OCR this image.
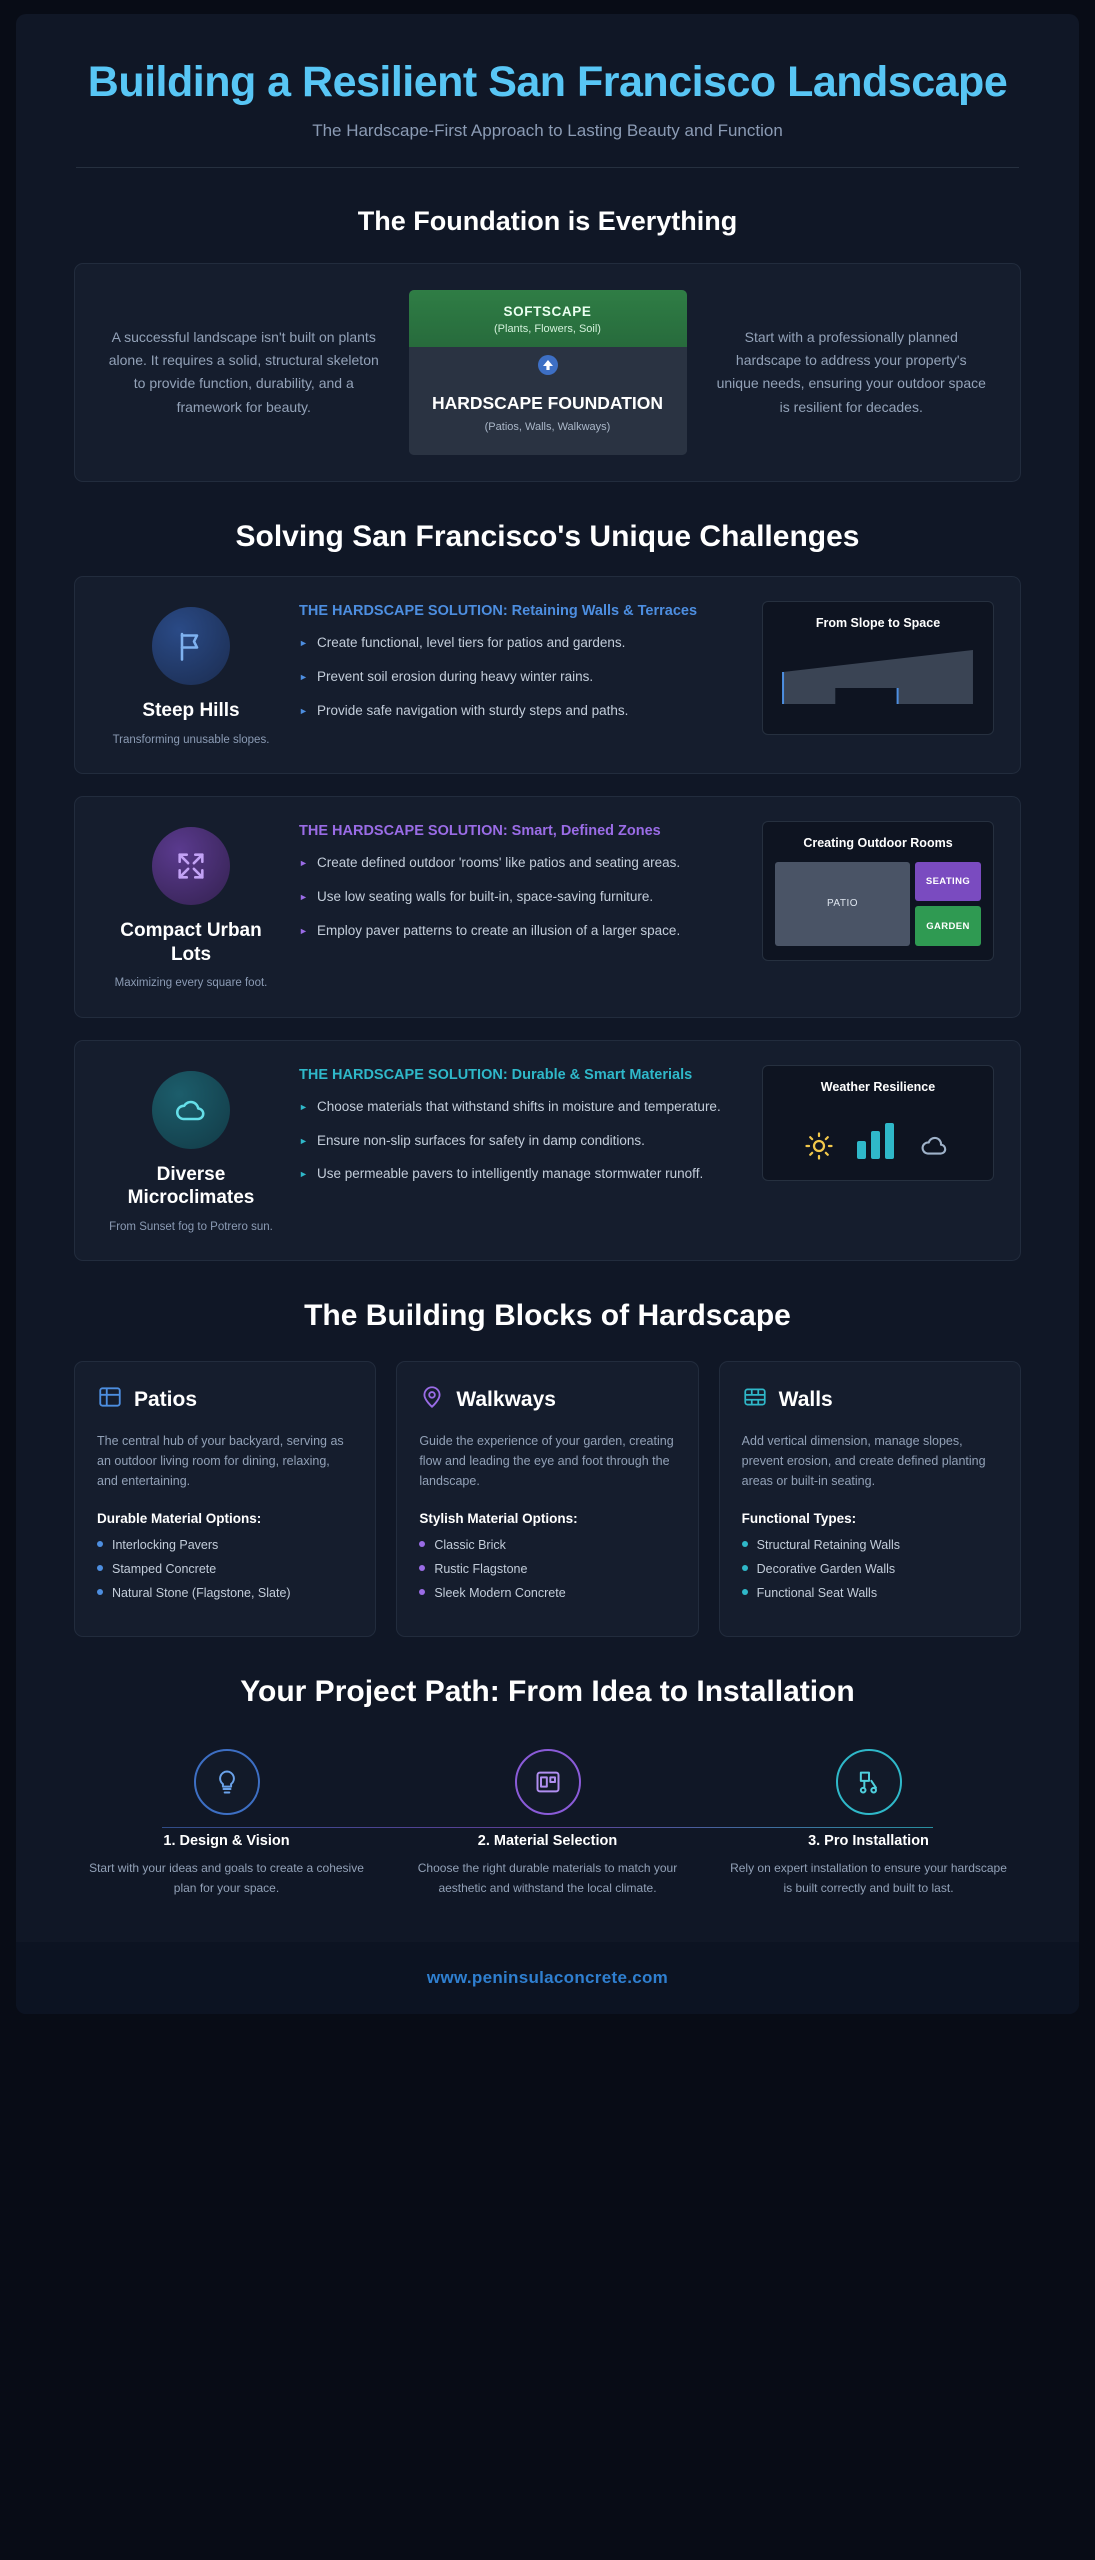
Building a Resilient San Francisco Landscape
The Hardscape-First Approach to Lasting Beauty and Function
The Foundation is Everything
A successful landscape isn't built on plants alone. It requires a solid, structural skeleton to provide function, durability, and a framework for beauty.
SOFTSCAPE
(Plants, Flowers, Soil)
HARDSCAPE FOUNDATION
(Patios, Walls, Walkways)
Start with a professionally planned hardscape to address your property's unique needs, ensuring your outdoor space is resilient for decades.
Solving San Francisco's Unique Challenges
Steep Hills

Transforming unusable slopes.

THE HARDSCAPE SOLUTION: Retaining Walls & Terraces
► Create functional, level tiers for patios and gardens.
► Prevent soil erosion during heavy winter rains.
► Provide safe navigation with sturdy steps and paths.
From Slope to Space
Compact Urban Lots

Maximizing every square foot.

THE HARDSCAPE SOLUTION: Smart, Defined Zones
► Create defined outdoor 'rooms' like patios and seating areas.
► Use low seating walls for built-in, space-saving furniture.
► Employ paver patterns to create an illusion of a larger space.
Creating Outdoor Rooms
PATIO
SEATING
GARDEN
Diverse Microclimates

From Sunset fog to Potrero sun.

THE HARDSCAPE SOLUTION: Durable & Smart Materials
► Choose materials that withstand shifts in moisture and temperature.
► Ensure non-slip surfaces for safety in damp conditions.
► Use permeable pavers to intelligently manage stormwater runoff.
Weather Resilience
The Building Blocks of Hardscape
Patios

The central hub of your backyard, serving as an outdoor living room for dining, relaxing, and entertaining.

Durable Material Options:
Interlocking Pavers
Stamped Concrete
Natural Stone (Flagstone, Slate)
Walkways

Guide the experience of your garden, creating flow and leading the eye and foot through the landscape.

Stylish Material Options:
Classic Brick
Rustic Flagstone
Sleek Modern Concrete
Walls

Add vertical dimension, manage slopes, prevent erosion, and create defined planting areas or built-in seating.

Functional Types:
Structural Retaining Walls
Decorative Garden Walls
Functional Seat Walls
Your Project Path: From Idea to Installation
1. Design & Vision

Start with your ideas and goals to create a cohesive plan for your space.

2. Material Selection

Choose the right durable materials to match your aesthetic and withstand the local climate.

3. Pro Installation

Rely on expert installation to ensure your hardscape is built correctly and built to last.

www.peninsulaconcrete.com
